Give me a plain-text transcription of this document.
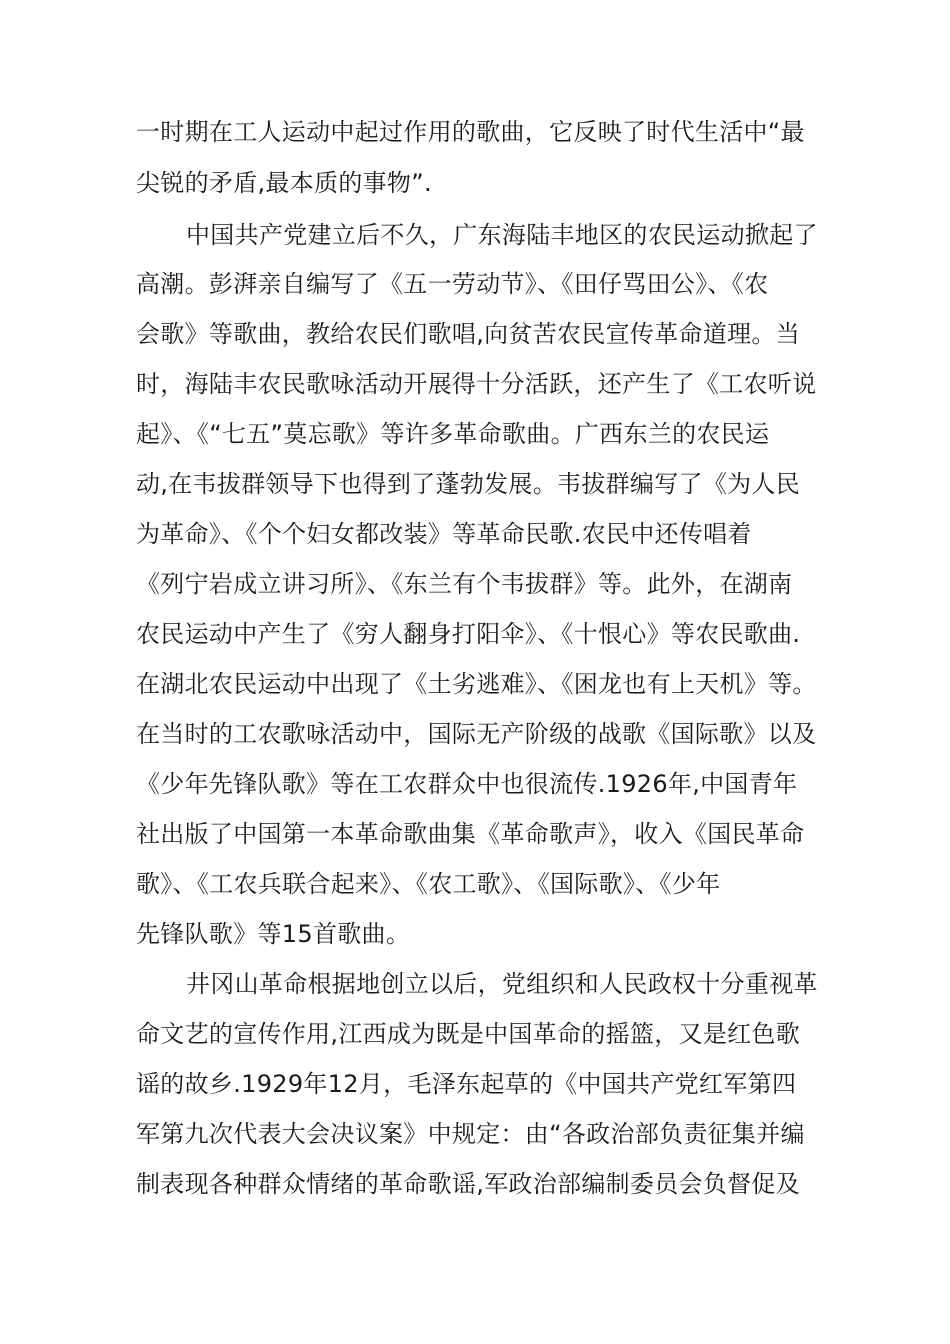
一时期在工人运动中起过作用的歌曲，它反映了时代生活中“最
尖锐的矛盾,最本质的事物”.
中国共产党建立后不久，广东海陆丰地区的农民运动掀起了
高潮。彭湃亲自编写了《五一劳动节》、《田仔骂田公》、《农
会歌》等歌曲，教给农民们歌唱,向贫苦农民宣传革命道理。当
时，海陆丰农民歌咏活动开展得十分活跃，还产生了《工农听说
起》、《“七五”莫忘歌》等许多革命歌曲。广西东兰的农民运
动,在韦拔群领导下也得到了蓬勃发展。韦拔群编写了《为人民
为革命》、《个个妇女都改装》等革命民歌.农民中还传唱着
《列宁岩成立讲习所》、《东兰有个韦拔群》等。此外，在湖南
农民运动中产生了《穷人翻身打阳伞》、《十恨心》等农民歌曲.
在湖北农民运动中出现了《土劣逃难》、《困龙也有上天机》等。
在当时的工农歌咏活动中，国际无产阶级的战歌《国际歌》以及
《少年先锋队歌》等在工农群众中也很流传.1926年,中国青年
社出版了中国第一本革命歌曲集《革命歌声》，收入《国民革命
歌》、《工农兵联合起来》、《农工歌》、《国际歌》、《少年
先锋队歌》等15首歌曲。
井冈山革命根据地创立以后，党组织和人民政权十分重视革
命文艺的宣传作用,江西成为既是中国革命的摇篮，又是红色歌
谣的故乡.1929年12月，毛泽东起草的《中国共产党红军第四
军第九次代表大会决议案》中规定：由“各政治部负责征集并编
制表现各种群众情绪的革命歌谣,军政治部编制委员会负督促及
